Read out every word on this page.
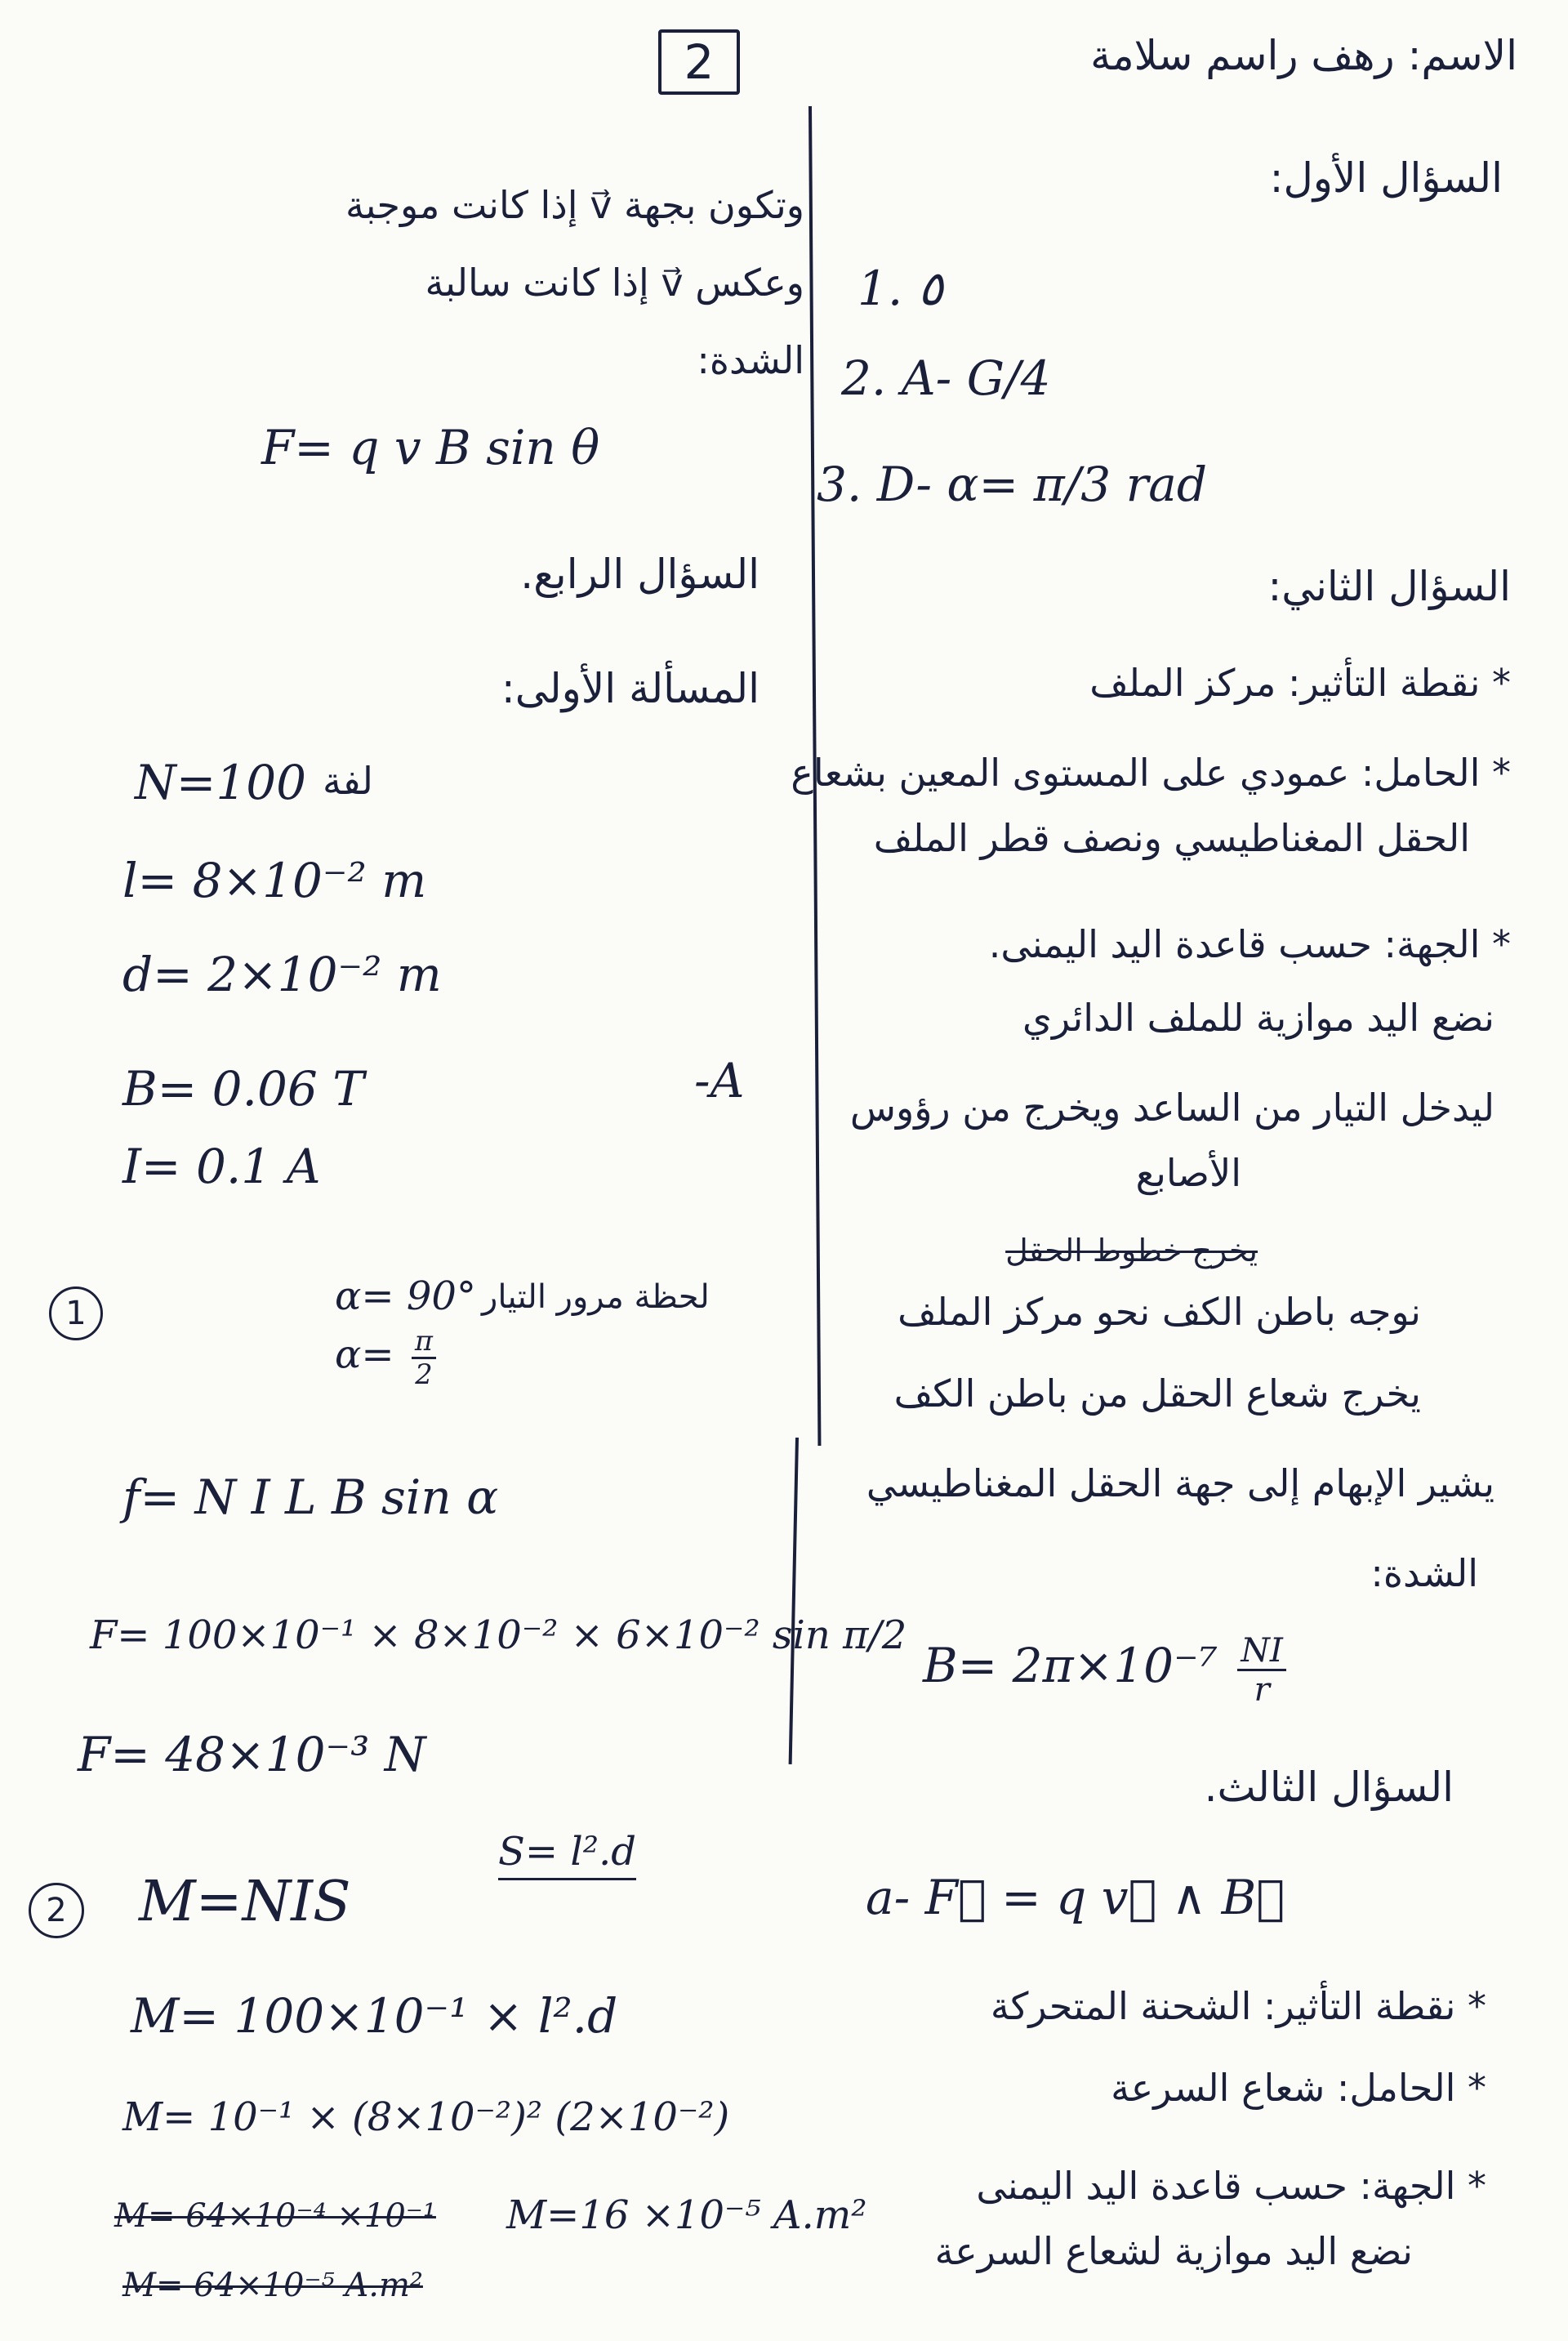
2	الاسم: رهف راسم سلامة
السؤال الأول:
1. ٥
2. A- G/4
3. D- α= π/3 rad
السؤال الثاني:
* نقطة التأثير: مركز الملف
* الحامل: عمودي على المستوى المعين بشعاع
الحقل المغناطيسي ونصف قطر الملف
* الجهة: حسب قاعدة اليد اليمنى.
نضع اليد موازية للملف الدائري
ليدخل التيار من الساعد ويخرج من رؤوس
الأصابع
يخرج خطوط الحقل
نوجه باطن الكف نحو مركز الملف
يخرج شعاع الحقل من باطن الكف
يشير الإبهام إلى جهة الحقل المغناطيسي
الشدة:
$B= 2\pi\times 10^{-7} \frac{NI}{r}$
السؤال الثالث.
a- F⃗ = q v⃗ ∧ B⃗
* نقطة التأثير: الشحنة المتحركة
* الحامل: شعاع السرعة
* الجهة: حسب قاعدة اليد اليمنى
نضع اليد موازية لشعاع السرعة
وتكون بجهة v⃗ إذا كانت موجبة
وعكس v⃗ إذا كانت سالبة
الشدة:
F= q v B sin θ
السؤال الرابع.
المسألة الأولى:
N=100 لفة
l= 8×10⁻² m
d= 2×10⁻² m
-A
B= 0.06 T
I= 0.1 A
1	α= 90° لحظة مرور التيار
$\alpha= \frac{\pi}{2}$
f= N I L B sin α
F= 100×10⁻¹ × 8×10⁻² × 6×10⁻² sin π/2
F= 48×10⁻³ N
S= l².d
2 M=NIS
M= 100×10⁻¹ × l².d
M= 10⁻¹ × (8×10⁻²)² (2×10⁻²)
M= 64×10⁻⁴ ×10⁻¹ M=16 ×10⁻⁵ A.m²
M= 64×10⁻⁵ A.m²
